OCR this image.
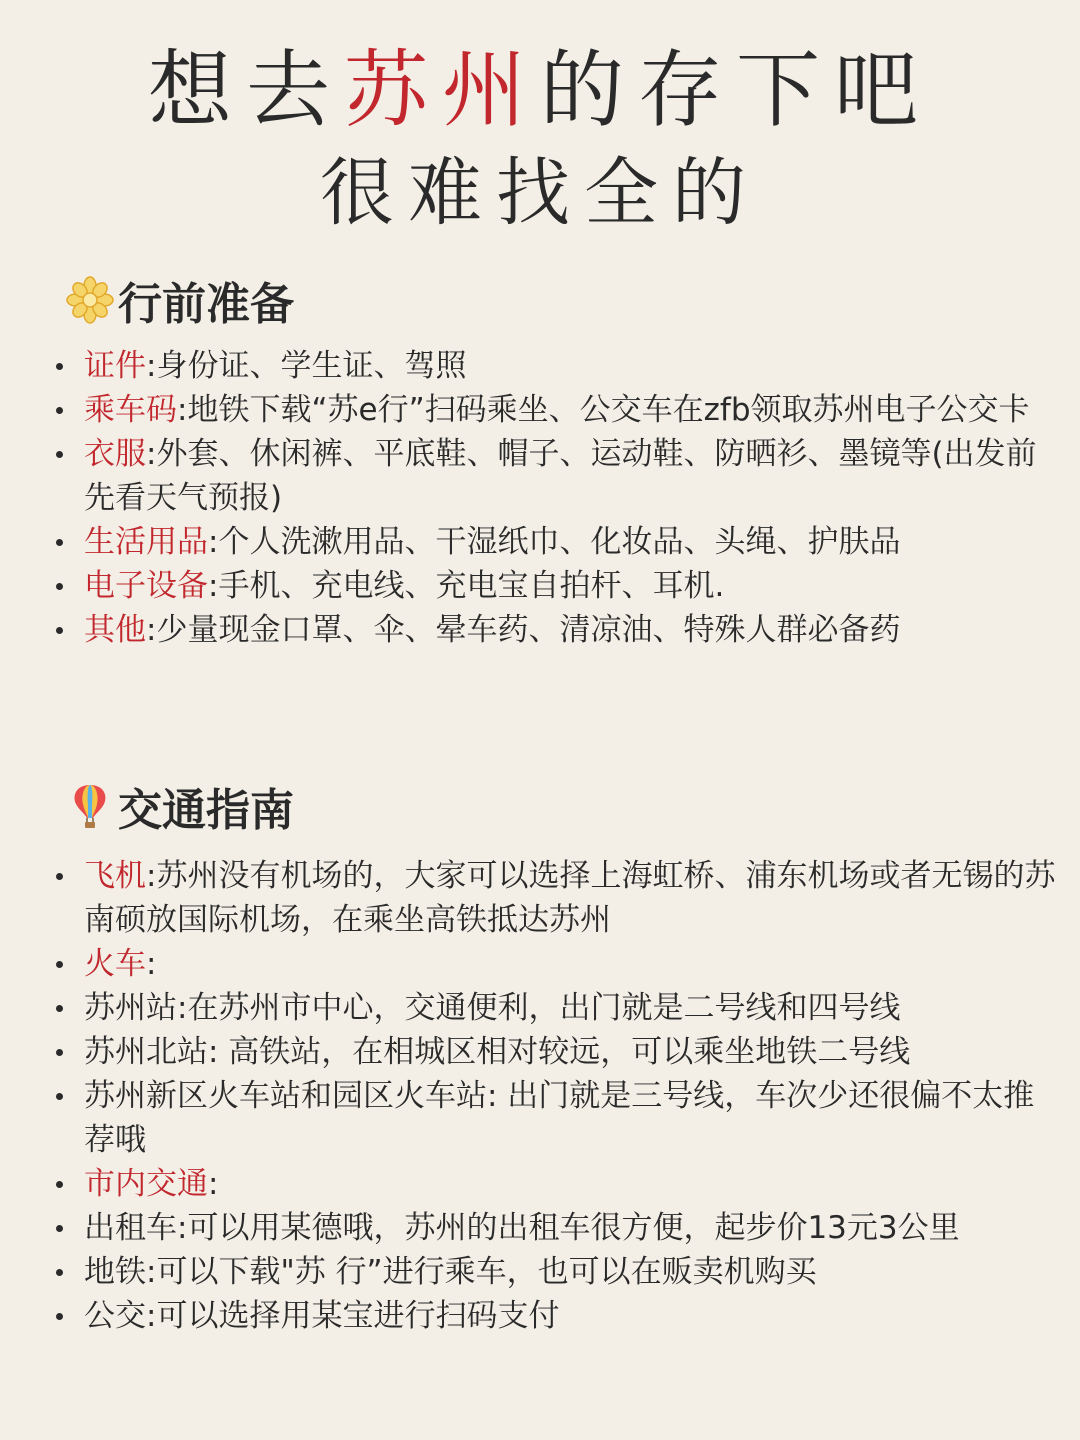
想去苏州的存下吧
很难找全的
行前准备
证件:身份证、学生证、驾照
乘车码:地铁下载“苏e行”扫码乘坐、公交车在zfb领取苏州电子公交卡
衣服:外套、休闲裤、平底鞋、帽子、运动鞋、防晒衫、墨镜等(出发前先看天气预报)
生活用品:个人洗漱用品、干湿纸巾、化妆品、头绳、护肤品
电子设备:手机、充电线、充电宝自拍杆、耳机.
其他:少量现金口罩、伞、晕车药、清凉油、特殊人群必备药
交通指南
飞机:苏州没有机场的，大家可以选择上海虹桥、浦东机场或者无锡的苏南硕放国际机场，在乘坐高铁抵达苏州
火车:
苏州站:在苏州市中心，交通便利，出门就是二号线和四号线
苏州北站: 高铁站，在相城区相对较远，可以乘坐地铁二号线
苏州新区火车站和园区火车站: 出门就是三号线，车次少还很偏不太推荐哦
市内交通:
出租车:可以用某德哦，苏州的出租车很方便，起步价13元3公里
地铁:可以下载"苏 行”进行乘车，也可以在贩卖机购买
公交:可以选择用某宝进行扫码支付
